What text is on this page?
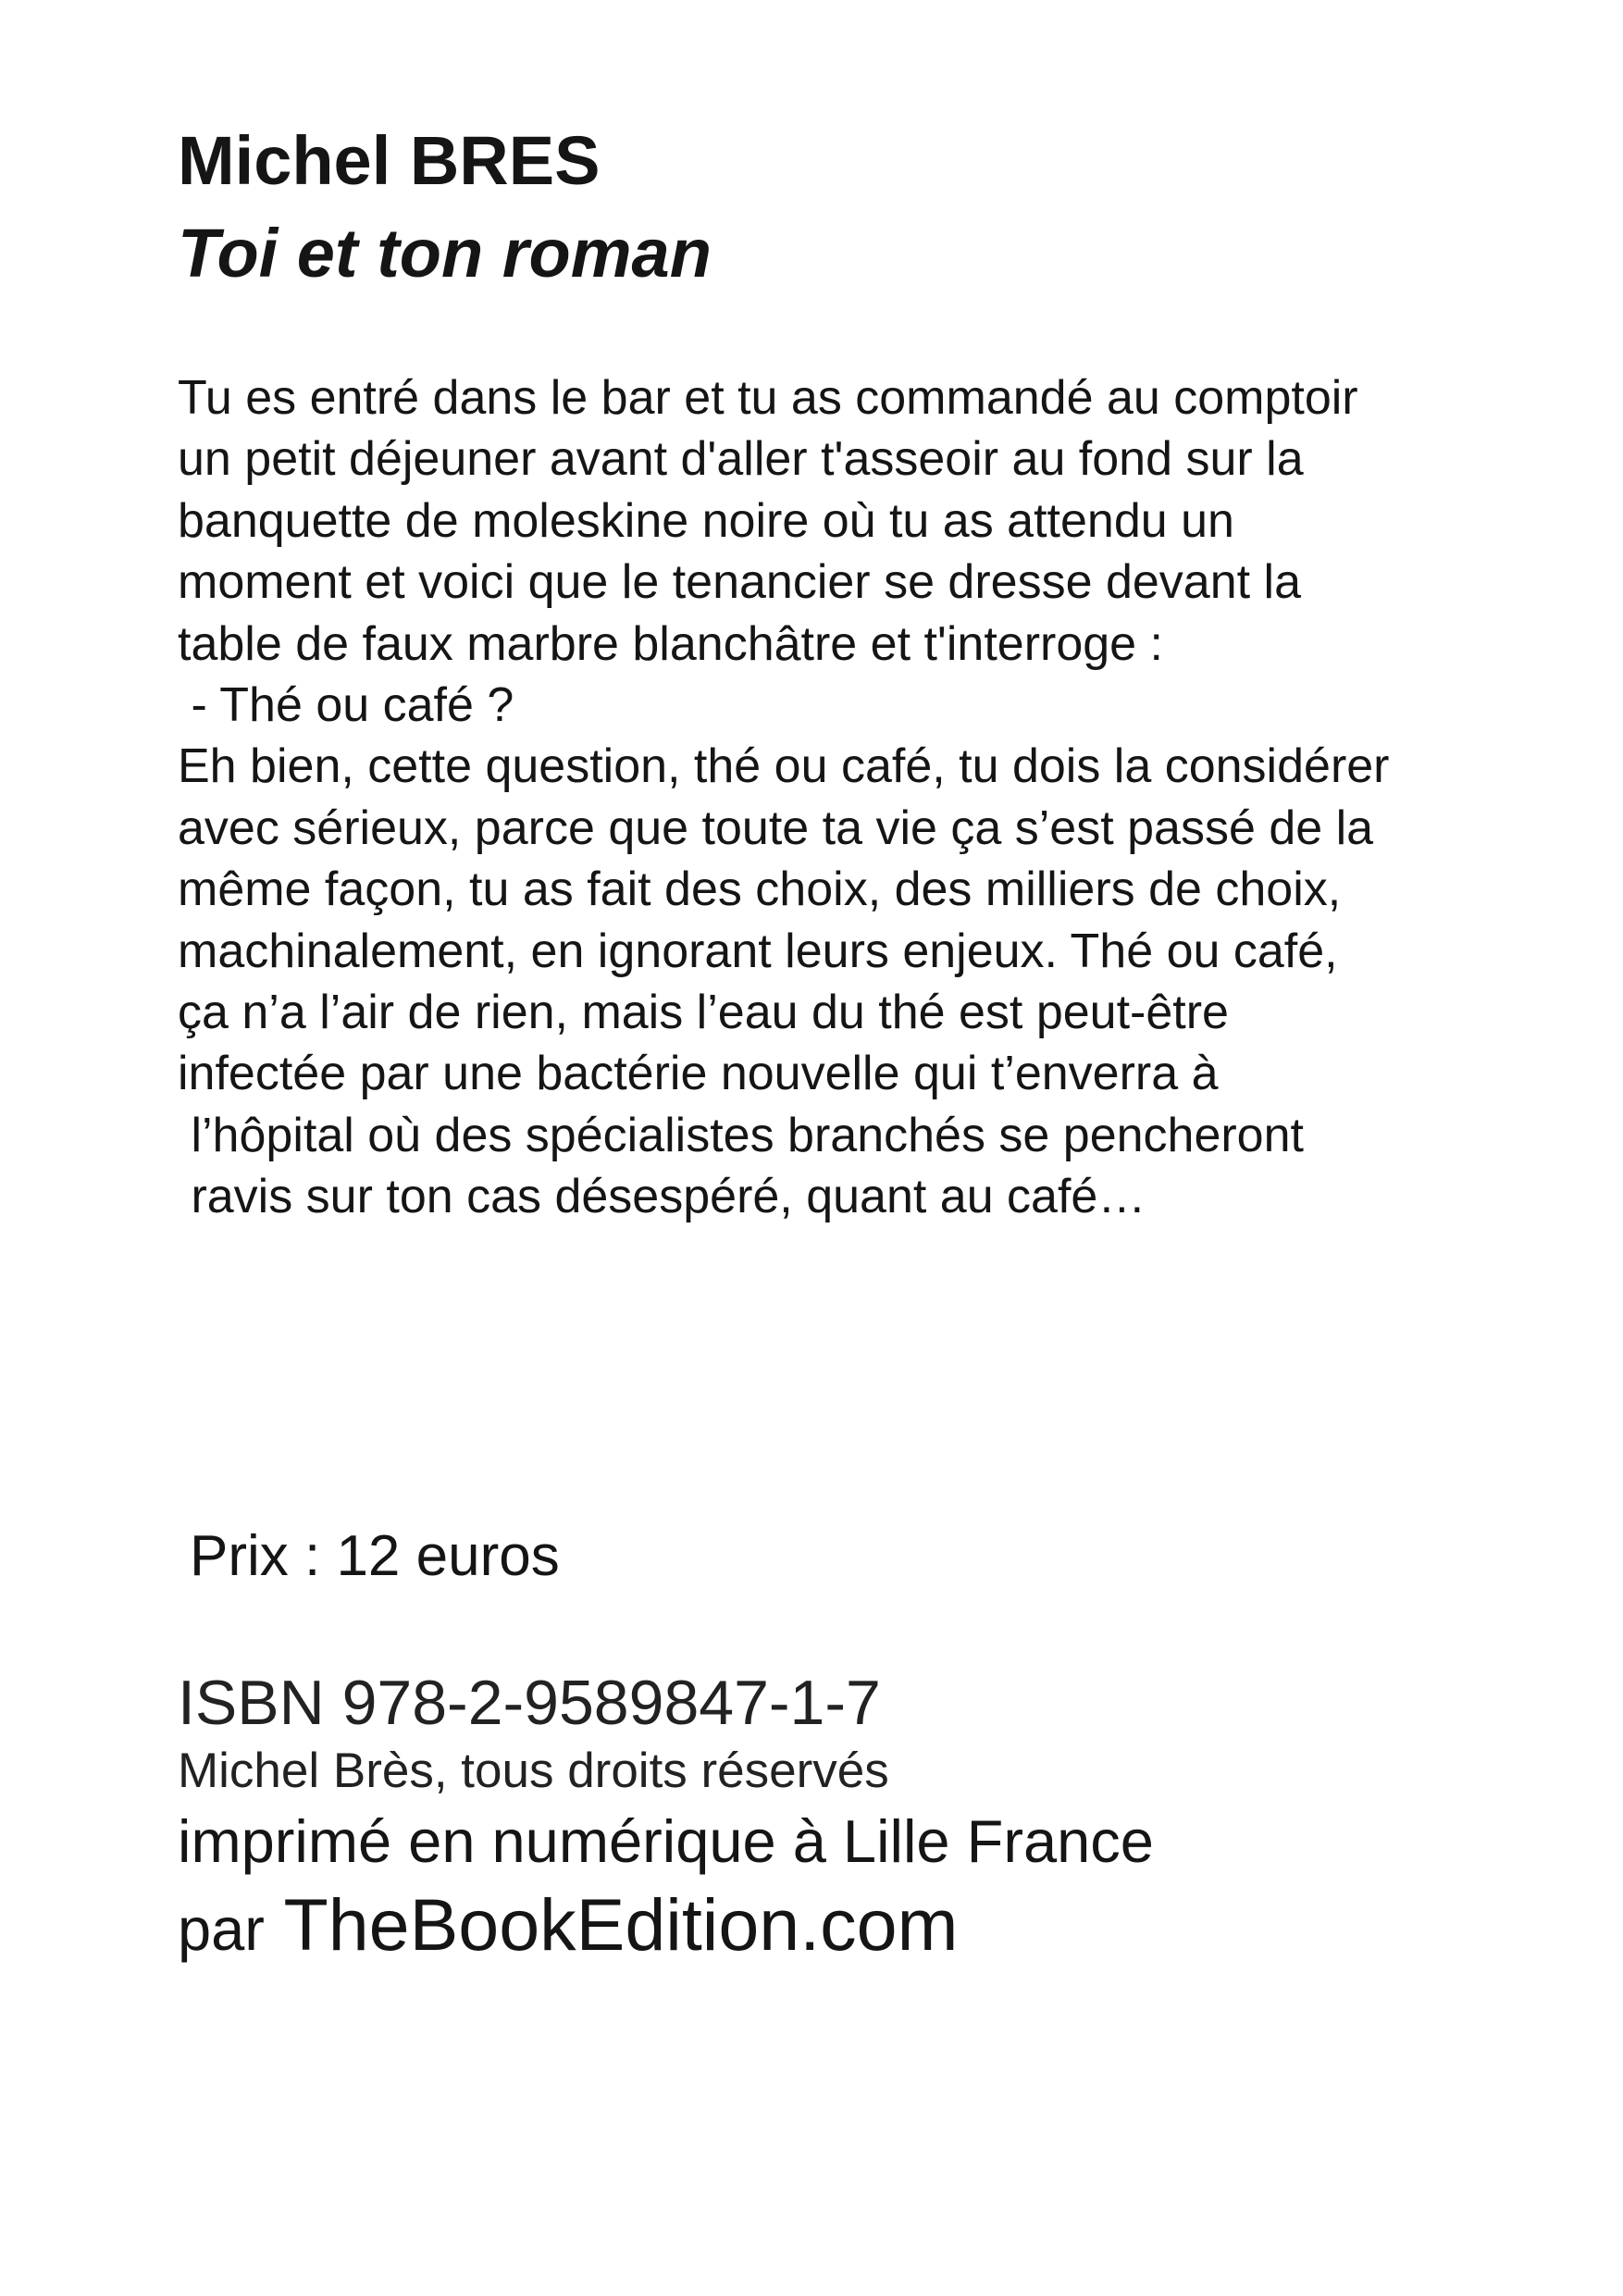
Michel BRES
Toi et ton roman
Tu es entré dans le bar et tu as commandé au comptoir
un petit déjeuner avant d'aller t'asseoir au fond sur la
banquette de moleskine noire où tu as attendu un
moment et voici que le tenancier se dresse devant la
table de faux marbre blanchâtre et t'interroge :
- Thé ou café ?
Eh bien, cette question, thé ou café, tu dois la considérer
avec sérieux, parce que toute ta vie ça s’est passé de la
même façon, tu as fait des choix, des milliers de choix,
machinalement, en ignorant leurs enjeux. Thé ou café,
ça n’a l’air de rien, mais l’eau du thé est peut-être
infectée par une bactérie nouvelle qui t’enverra à
l’hôpital où des spécialistes branchés se pencheront
ravis sur ton cas désespéré, quant au café…
Prix : 12 euros
ISBN 978-2-9589847-1-7
Michel Brès, tous droits réservés
imprimé en numérique à Lille France
par TheBookEdition.com
